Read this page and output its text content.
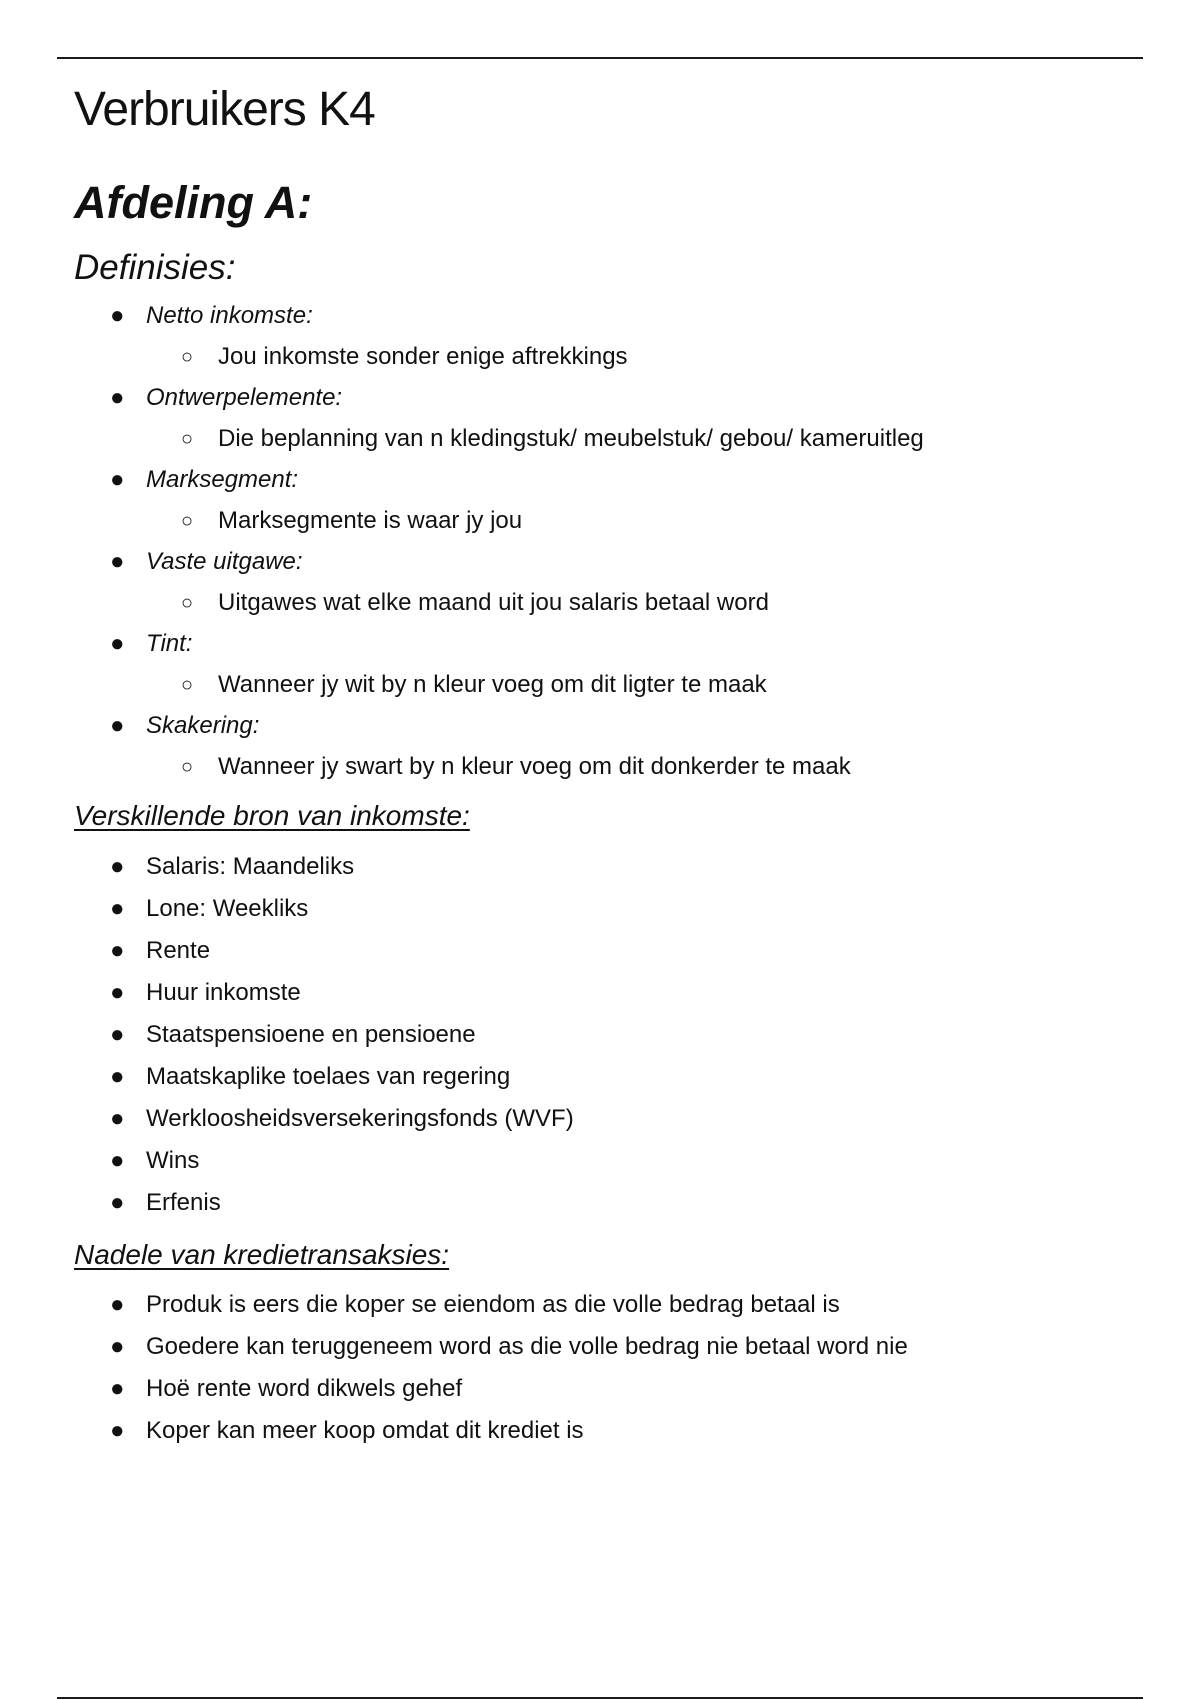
Verbruikers K4
Afdeling A:
Definisies:
● Netto inkomste:
○ Jou inkomste sonder enige aftrekkings
● Ontwerpelemente:
○ Die beplanning van n kledingstuk/ meubelstuk/ gebou/ kameruitleg
● Marksegment:
○ Marksegmente is waar jy jou
● Vaste uitgawe:
○ Uitgawes wat elke maand uit jou salaris betaal word
● Tint:
○ Wanneer jy wit by n kleur voeg om dit ligter te maak
● Skakering:
○ Wanneer jy swart by n kleur voeg om dit donkerder te maak
Verskillende bron van inkomste:
● Salaris: Maandeliks
● Lone: Weekliks
● Rente
● Huur inkomste
● Staatspensioene en pensioene
● Maatskaplike toelaes van regering
● Werkloosheidsversekeringsfonds (WVF)
● Wins
● Erfenis
Nadele van kredietransaksies:
● Produk is eers die koper se eiendom as die volle bedrag betaal is
● Goedere kan teruggeneem word as die volle bedrag nie betaal word nie
● Hoë rente word dikwels gehef
● Koper kan meer koop omdat dit krediet is
